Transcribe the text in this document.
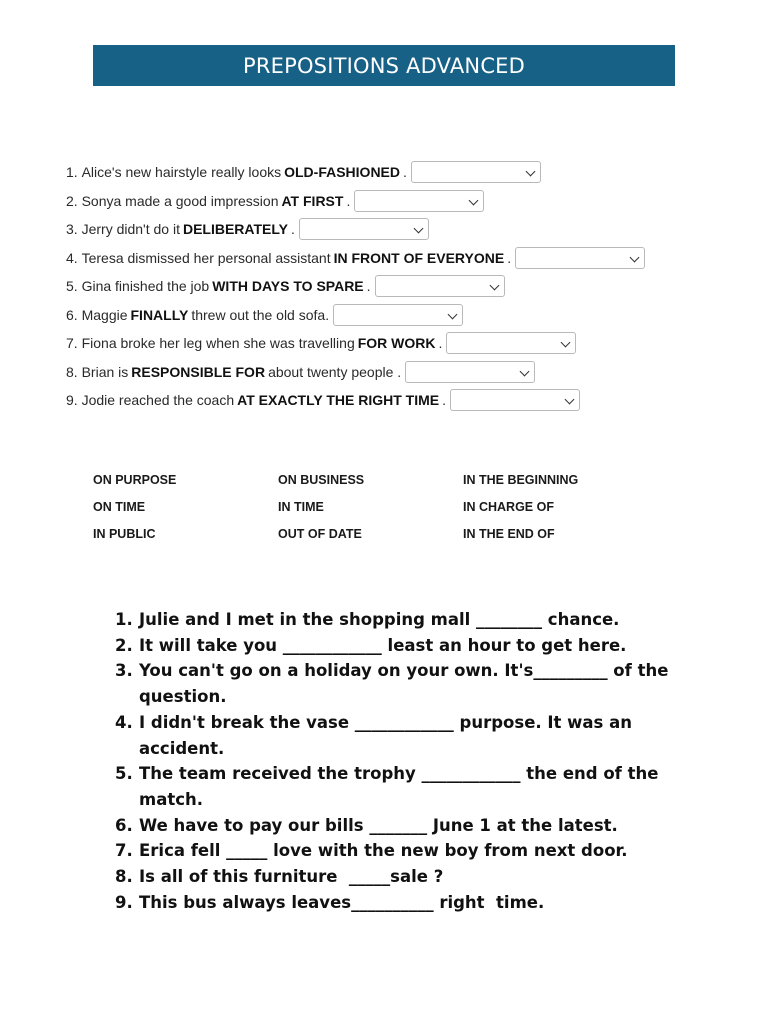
PREPOSITIONS ADVANCED
1.
Alice's new hairstyle really looks OLD-FASHIONED .
2.
Sonya made a good impression AT FIRST .
3.
Jerry didn't do it DELIBERATELY .
4.
Teresa dismissed her personal assistant IN FRONT OF EVERYONE .
5.
Gina finished the job WITH DAYS TO SPARE .
6.
Maggie FINALLY threw out the old sofa.
7.
Fiona broke her leg when she was travelling FOR WORK .
8.
Brian is RESPONSIBLE FOR about twenty people .
9.
Jodie reached the coach AT EXACTLY THE RIGHT TIME .
ON PURPOSE	ON BUSINESS	IN THE BEGINNING
ON TIME	IN TIME	IN CHARGE OF
IN PUBLIC	OUT OF DATE	IN THE END OF
1. Julie and I met in the shopping mall ________ chance.
2. It will take you ____________ least an hour to get here.
3. You can't go on a holiday on your own. It's_________ of the question.
4. I didn't break the vase ____________ purpose. It was an accident.
5. The team received the trophy ____________ the end of the match.
6. We have to pay our bills _______ June 1 at the latest.
7. Erica fell _____ love with the new boy from next door.
8. Is all of this furniture  _____sale ?
9. This bus always leaves__________ right  time.
